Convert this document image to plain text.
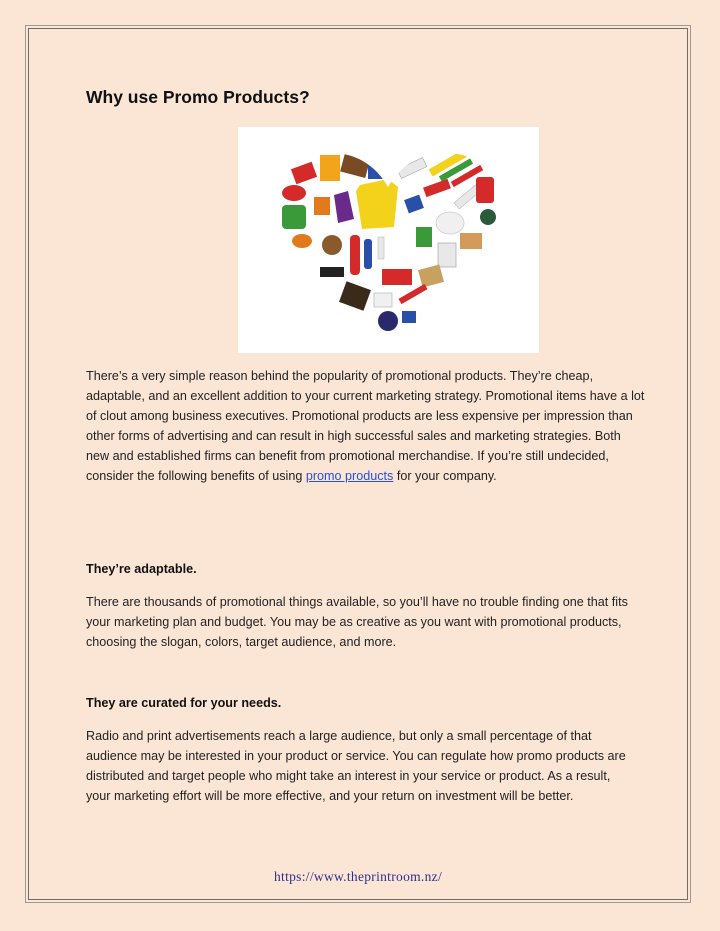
Why use Promo Products?

There’s a very simple reason behind the popularity of promotional products. They’re cheap, adaptable, and an excellent addition to your current marketing strategy. Promotional items have a lot of clout among business executives. Promotional products are less expensive per impression than other forms of advertising and can result in high successful sales and marketing strategies. Both new and established firms can benefit from promotional merchandise. If you’re still undecided, consider the following benefits of using promo products for your company.

They’re adaptable.

There are thousands of promotional things available, so you’ll have no trouble finding one that fits your marketing plan and budget. You may be as creative as you want with promotional products, choosing the slogan, colors, target audience, and more.

They are curated for your needs.

Radio and print advertisements reach a large audience, but only a small percentage of that audience may be interested in your product or service. You can regulate how promo products are distributed and target people who might take an interest in your service or product. As a result, your marketing effort will be more effective, and your return on investment will be better.

https://www.theprintroom.nz/
